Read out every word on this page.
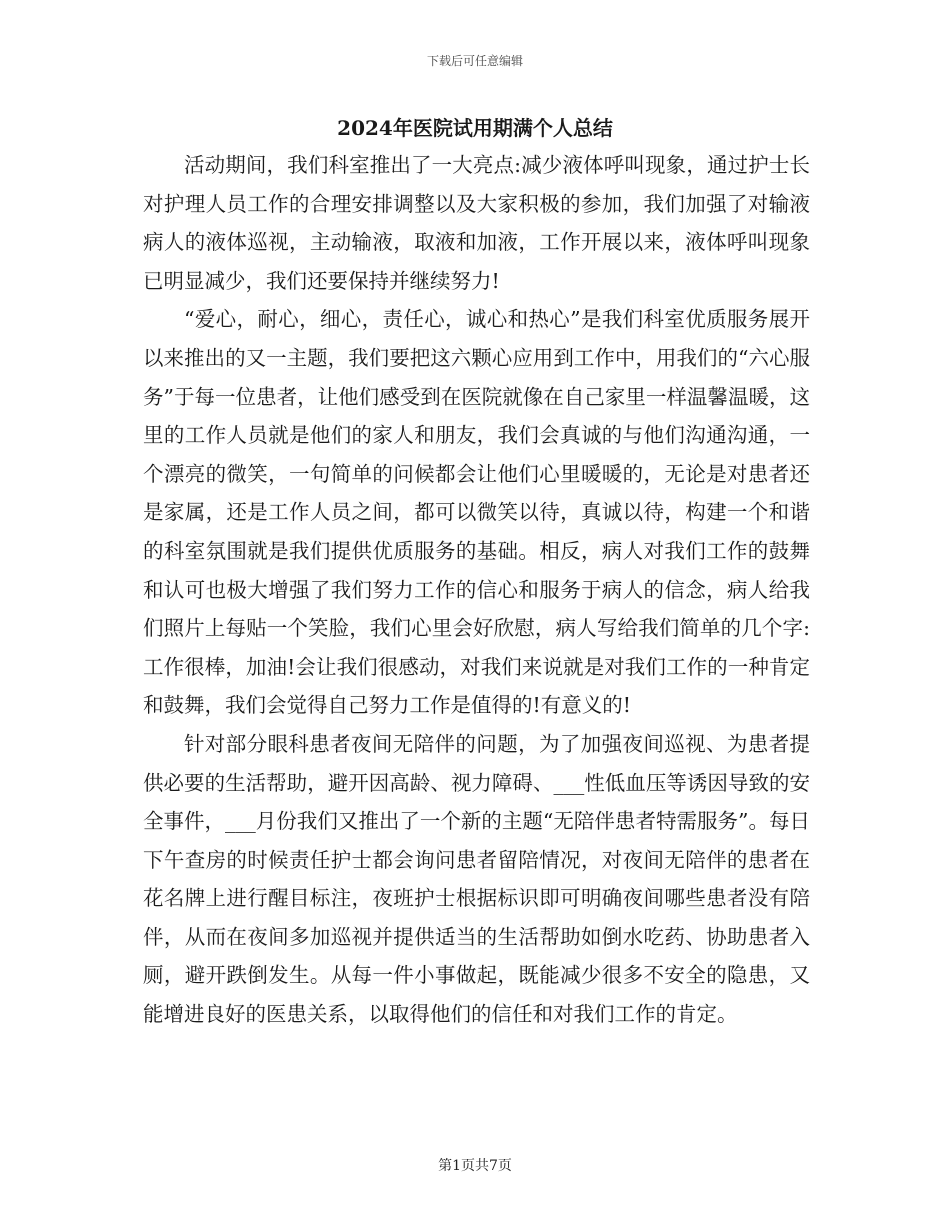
下载后可任意编辑
2024年医院试用期满个人总结

活动期间，我们科室推出了一大亮点:减少液体呼叫现象，通过护士长对护理人员工作的合理安排调整以及大家积极的参加，我们加强了对输液病人的液体巡视，主动输液，取液和加液，工作开展以来，液体呼叫现象已明显减少，我们还要保持并继续努力!

“爱心，耐心，细心，责任心，诚心和热心”是我们科室优质服务展开以来推出的又一主题，我们要把这六颗心应用到工作中，用我们的“六心服务”于每一位患者，让他们感受到在医院就像在自己家里一样温馨温暖，这里的工作人员就是他们的家人和朋友，我们会真诚的与他们沟通沟通，一个漂亮的微笑，一句简单的问候都会让他们心里暖暖的，无论是对患者还是家属，还是工作人员之间，都可以微笑以待，真诚以待，构建一个和谐的科室氛围就是我们提供优质服务的基础。相反，病人对我们工作的鼓舞和认可也极大增强了我们努力工作的信心和服务于病人的信念，病人给我们照片上每贴一个笑脸，我们心里会好欣慰，病人写给我们简单的几个字:工作很棒，加油!会让我们很感动，对我们来说就是对我们工作的一种肯定和鼓舞，我们会觉得自己努力工作是值得的!有意义的!

针对部分眼科患者夜间无陪伴的问题，为了加强夜间巡视、为患者提供必要的生活帮助，避开因高龄、视力障碍、___性低血压等诱因导致的安全事件，___月份我们又推出了一个新的主题“无陪伴患者特需服务”。每日下午查房的时候责任护士都会询问患者留陪情况，对夜间无陪伴的患者在花名牌上进行醒目标注，夜班护士根据标识即可明确夜间哪些患者没有陪伴，从而在夜间多加巡视并提供适当的生活帮助如倒水吃药、协助患者入厕，避开跌倒发生。从每一件小事做起，既能减少很多不安全的隐患，又能增进良好的医患关系，以取得他们的信任和对我们工作的肯定。

第1页共7页
